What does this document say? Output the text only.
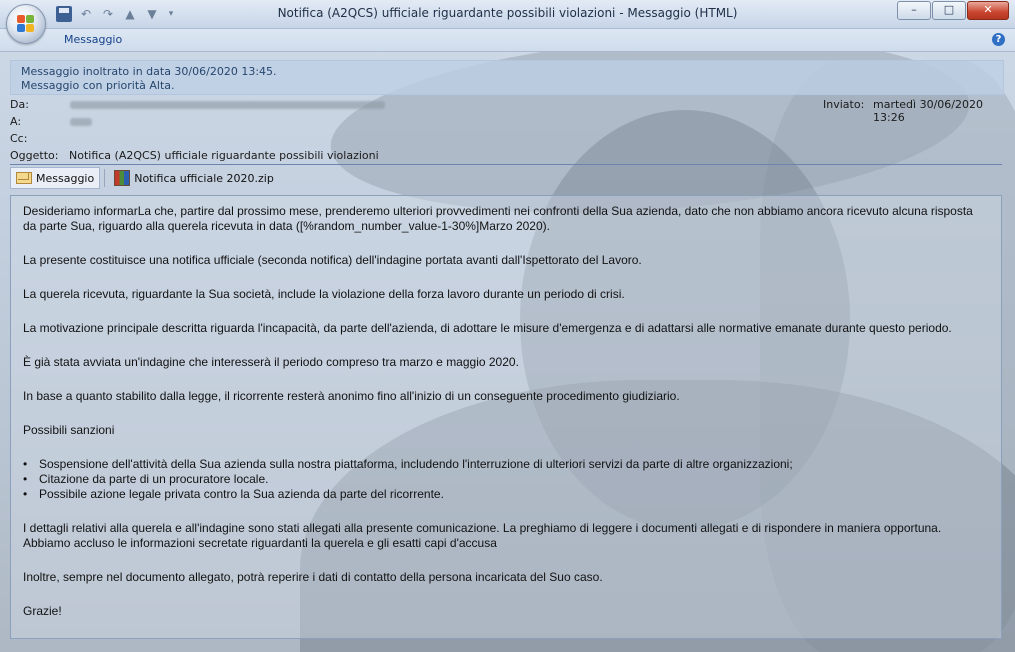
↶ ↷ ▲ ▼	▾	Notifica (A2QCS) ufficiale riguardante possibili violazioni - Messaggio (HTML)	–	□	✕
Messaggio	?
Messaggio inoltrato in data 30/06/2020 13:45.
Messaggio con priorità Alta.
Da:
A:
Cc:
Oggetto: Notifica (A2QCS) ufficiale riguardante possibili violazioni
Inviato: martedì 30/06/2020 13:26
Messaggio	Notifica ufficiale 2020.zip

Desideriamo informarLa che, partire dal prossimo mese, prenderemo ulteriori provvedimenti nei confronti della Sua azienda, dato che non abbiamo ancora ricevuto alcuna risposta da parte Sua, riguardo alla querela ricevuta in data ([%random_number_value-1-30%]Marzo 2020).

La presente costituisce una notifica ufficiale (seconda notifica) dell'indagine portata avanti dall'Ispettorato del Lavoro.

La querela ricevuta, riguardante la Sua società, include la violazione della forza lavoro durante un periodo di crisi.

La motivazione principale descritta riguarda l'incapacità, da parte dell'azienda, di adottare le misure d'emergenza e di adattarsi alle normative emanate durante questo periodo.

È già stata avviata un'indagine che interesserà il periodo compreso tra marzo e maggio 2020.

In base a quanto stabilito dalla legge, il ricorrente resterà anonimo fino all'inizio di un conseguente procedimento giudiziario.

Possibili sanzioni

• Sospensione dell'attività della Sua azienda sulla nostra piattaforma, includendo l'interruzione di ulteriori servizi da parte di altre organizzazioni;
• Citazione da parte di un procuratore locale.
• Possibile azione legale privata contro la Sua azienda da parte del ricorrente.

I dettagli relativi alla querela e all'indagine sono stati allegati alla presente comunicazione. La preghiamo di leggere i documenti allegati e di rispondere in maniera opportuna.
Abbiamo accluso le informazioni secretate riguardanti la querela e gli esatti capi d'accusa

Inoltre, sempre nel documento allegato, potrà reperire i dati di contatto della persona incaricata del Suo caso.

Grazie!
